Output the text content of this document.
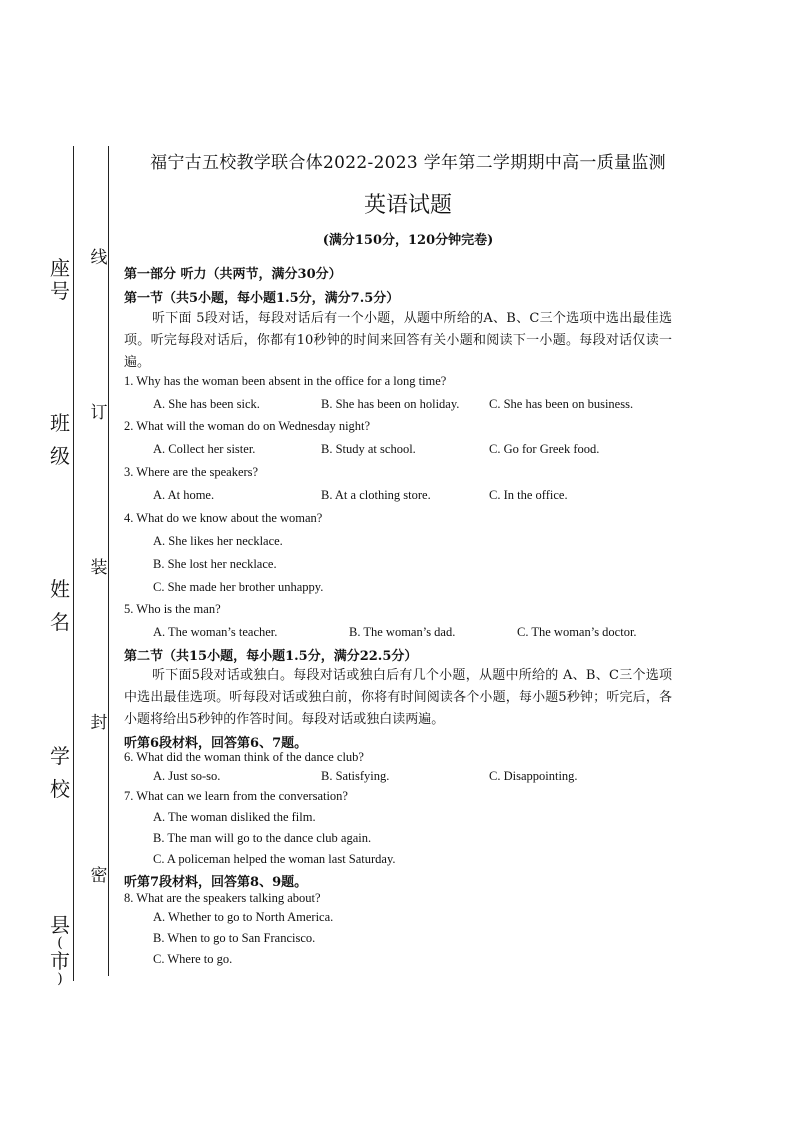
座
号
班
级
姓
名
学
校
县
(
市
)
线
订
装
封
密
福宁古五校教学联合体2022-2023 学年第二学期期中高一质量监测
英语试题
(满分150分，120分钟完卷)
第一部分 听力（共两节，满分30分）
第一节（共5小题，每小题1.5分，满分7.5分）
听下面 5段对话，每段对话后有一个小题，从题中所给的A、B、C三个选项中选出最佳选项。听完每段对话后，你都有10秒钟的时间来回答有关小题和阅读下一小题。每段对话仅读一遍。
1. Why has the woman been absent in the office for a long time?
A. She has been sick.	B. She has been on holiday. C. She has been on business.
2. What will the woman do on Wednesday night?
A. Collect her sister.	B. Study at school.	C. Go for Greek food.
3. Where are the speakers?
A. At home.	B. At a clothing store.	C. In the office.
4. What do we know about the woman?
A. She likes her necklace.
B. She lost her necklace.
C. She made her brother unhappy.
5. Who is the man?
A. The woman’s teacher.	B. The woman’s dad.	C. The woman’s doctor.
第二节（共15小题，每小题1.5分，满分22.5分）
听下面5段对话或独白。每段对话或独白后有几个小题，从题中所给的 A、B、C三个选项中选出最佳选项。听每段对话或独白前，你将有时间阅读各个小题，每小题5秒钟；听完后，各小题将给出5秒钟的作答时间。每段对话或独白读两遍。
听第6段材料，回答第6、7题。
6. What did the woman think of the dance club?
A. Just so-so.	B. Satisfying.	C. Disappointing.
7. What can we learn from the conversation?
A. The woman disliked the film.
B. The man will go to the dance club again.
C. A policeman helped the woman last Saturday.
听第7段材料，回答第8、9题。
8. What are the speakers talking about?
A. Whether to go to North America.
B. When to go to San Francisco.
C. Where to go.
